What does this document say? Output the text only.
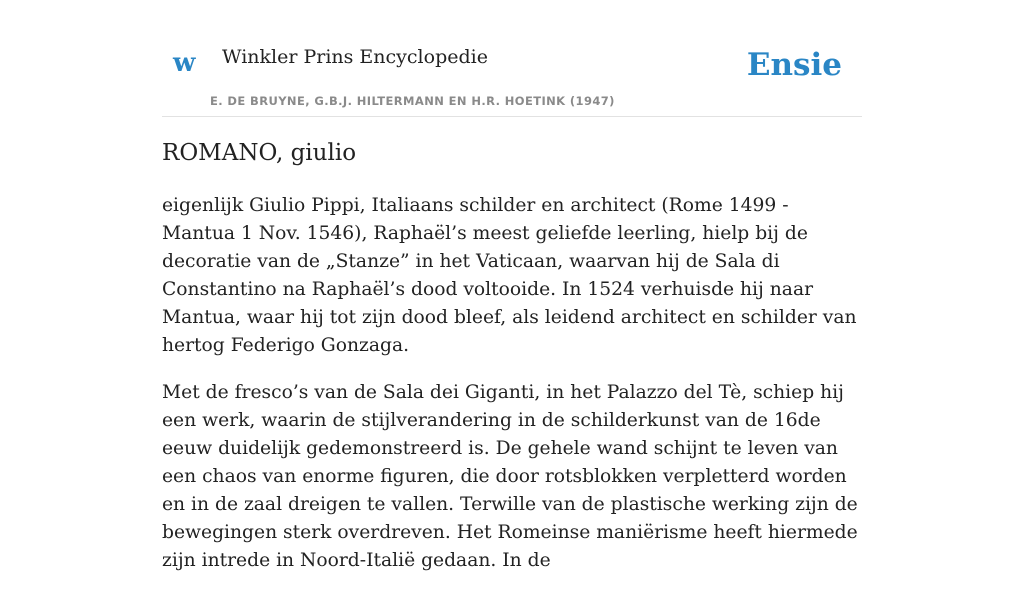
w Winkler Prins Encyclopedie
E. DE BRUYNE, G.B.J. HILTERMANN EN H.R. HOETINK (1947)
Ensie
ROMANO, giulio

eigenlijk Giulio Pippi, Italiaans schilder en architect (Rome 1499 - Mantua 1 Nov. 1546), Raphaël’s meest geliefde leerling, hielp bij de decoratie van de „Stanze” in het Vaticaan, waarvan hij de Sala di Constantino na Raphaël’s dood voltooide. In 1524 verhuisde hij naar Mantua, waar hij tot zijn dood bleef, als leidend architect en schilder van hertog Federigo Gonzaga.

Met de fresco’s van de Sala dei Giganti, in het Palazzo del Tè, schiep hij een werk, waarin de stijlverandering in de schilderkunst van de 16de eeuw duidelijk gedemonstreerd is. De gehele wand schijnt te leven van een chaos van enorme figuren, die door rotsblokken verpletterd worden en in de zaal dreigen te vallen. Terwille van de plastische werking zijn de bewegingen sterk overdreven. Het Romeinse maniërisme heeft hiermede zijn intrede in Noord-Italië gedaan. In de
